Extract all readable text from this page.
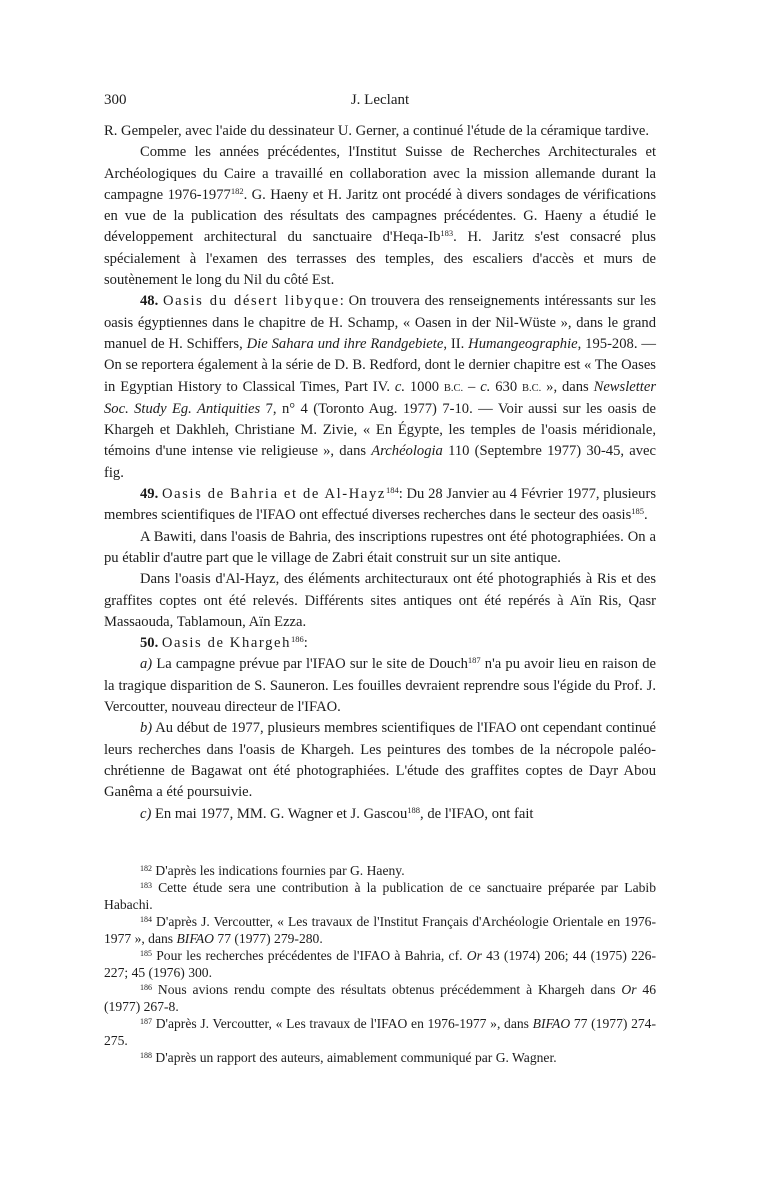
300	J. Leclant

R. Gempeler, avec l'aide du dessinateur U. Gerner, a continué l'étude de la céramique tardive.

Comme les années précédentes, l'Institut Suisse de Recherches Architecturales et Archéologiques du Caire a travaillé en collaboration avec la mission allemande durant la campagne 1976-1977$^{182}$. G. Haeny et H. Jaritz ont procédé à divers sondages de vérifications en vue de la publication des résultats des campagnes précédentes. G. Haeny a étudié le développement architectural du sanctuaire d'Heqa-Ib$^{183}$. H. Jaritz s'est consacré plus spécialement à l'examen des terrasses des temples, des escaliers d'accès et murs de soutènement le long du Nil du côté Est.

48. Oasis du désert libyque: On trouvera des renseignements intéressants sur les oasis égyptiennes dans le chapitre de H. Schamp, « Oasen in der Nil-Wüste », dans le grand manuel de H. Schiffers, Die Sahara und ihre Randgebiete, II. Humangeographie, 195-208. — On se reportera également à la série de D. B. Redford, dont le dernier chapitre est « The Oases in Egyptian History to Classical Times, Part IV. c. 1000 B.C. – c. 630 B.C. », dans Newsletter Soc. Study Eg. Antiquities 7, n° 4 (Toronto Aug. 1977) 7-10. — Voir aussi sur les oasis de Khargeh et Dakhleh, Christiane M. Zivie, « En Égypte, les temples de l'oasis méridionale, témoins d'une intense vie religieuse », dans Archéologia 110 (Septembre 1977) 30-45, avec fig.

49. Oasis de Bahria et de Al-Hayz$^{184}$: Du 28 Janvier au 4 Février 1977, plusieurs membres scientifiques de l'IFAO ont effectué diverses recherches dans le secteur des oasis$^{185}$.

A Bawiti, dans l'oasis de Bahria, des inscriptions rupestres ont été photographiées. On a pu établir d'autre part que le village de Zabri était construit sur un site antique.

Dans l'oasis d'Al-Hayz, des éléments architecturaux ont été photographiés à Ris et des graffites coptes ont été relevés. Différents sites antiques ont été repérés à Aïn Ris, Qasr Massaouda, Tablamoun, Aïn Ezza.

50. Oasis de Khargeh$^{186}$:

a) La campagne prévue par l'IFAO sur le site de Douch$^{187}$ n'a pu avoir lieu en raison de la tragique disparition de S. Sauneron. Les fouilles devraient reprendre sous l'égide du Prof. J. Vercoutter, nouveau directeur de l'IFAO.

b) Au début de 1977, plusieurs membres scientifiques de l'IFAO ont cependant continué leurs recherches dans l'oasis de Khargeh. Les peintures des tombes de la nécropole paléo-chrétienne de Bagawat ont été photographiées. L'étude des graffites coptes de Dayr Abou Ganêma a été poursuivie.

c) En mai 1977, MM. G. Wagner et J. Gascou$^{188}$, de l'IFAO, ont fait

$^{182}$ D'après les indications fournies par G. Haeny.

$^{183}$ Cette étude sera une contribution à la publication de ce sanctuaire préparée par Labib Habachi.

$^{184}$ D'après J. Vercoutter, « Les travaux de l'Institut Français d'Archéologie Orientale en 1976-1977 », dans BIFAO 77 (1977) 279-280.

$^{185}$ Pour les recherches précédentes de l'IFAO à Bahria, cf. Or 43 (1974) 206; 44 (1975) 226-227; 45 (1976) 300.

$^{186}$ Nous avions rendu compte des résultats obtenus précédemment à Khargeh dans Or 46 (1977) 267-8.

$^{187}$ D'après J. Vercoutter, « Les travaux de l'IFAO en 1976-1977 », dans BIFAO 77 (1977) 274-275.

$^{188}$ D'après un rapport des auteurs, aimablement communiqué par G. Wagner.
